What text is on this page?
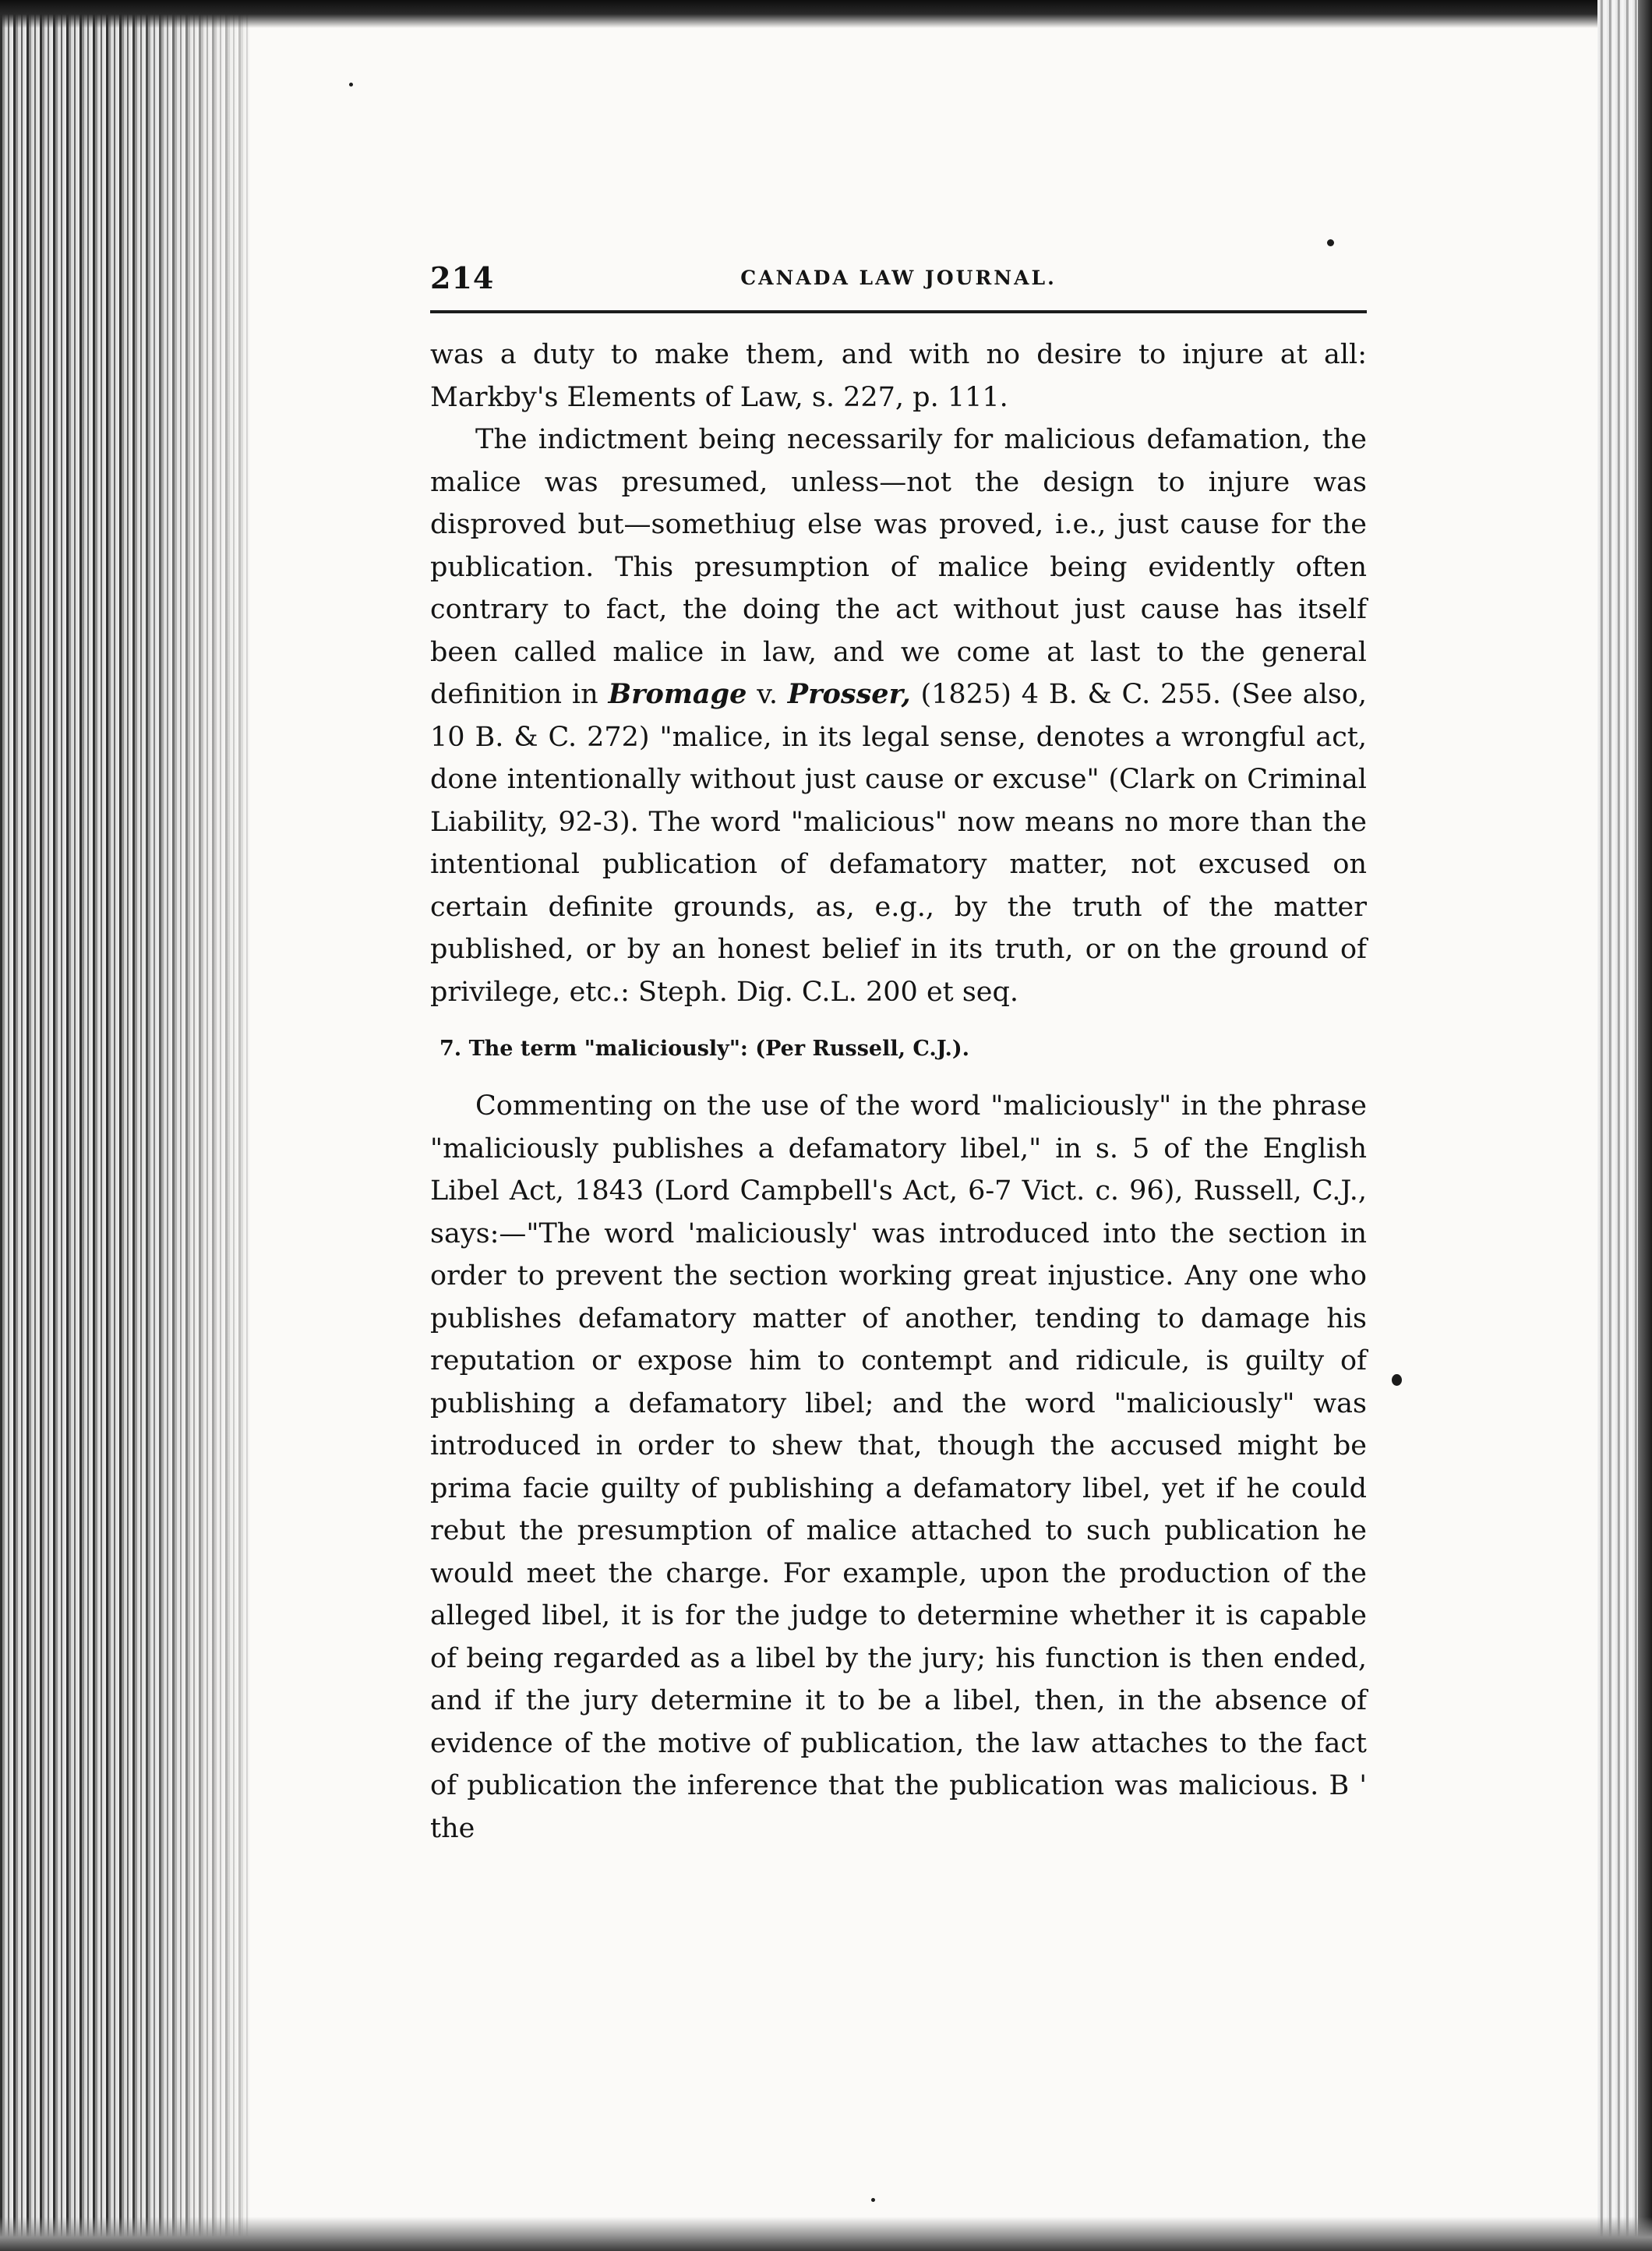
214	CANADA LAW JOURNAL.

was a duty to make them, and with no desire to injure at all: Markby's Elements of Law, s. 227, p. 111.

The indictment being necessarily for malicious defamation, the malice was presumed, unless—not the design to injure was disproved but—somethiug else was proved, i.e., just cause for the publication. This presumption of malice being evidently often contrary to fact, the doing the act without just cause has itself been called malice in law, and we come at last to the general definition in Bromage v. Prosser, (1825) 4 B. & C. 255. (See also, 10 B. & C. 272) "malice, in its legal sense, denotes a wrongful act, done intentionally without just cause or excuse" (Clark on Criminal Liability, 92-3). The word "malicious" now means no more than the intentional publication of defamatory matter, not excused on certain definite grounds, as, e.g., by the truth of the matter published, or by an honest belief in its truth, or on the ground of privilege, etc.: Steph. Dig. C.L. 200 et seq.

7. The term "maliciously": (Per Russell, C.J.).

Commenting on the use of the word "maliciously" in the phrase "maliciously publishes a defamatory libel," in s. 5 of the English Libel Act, 1843 (Lord Campbell's Act, 6-7 Vict. c. 96), Russell, C.J., says:—"The word 'maliciously' was introduced into the section in order to prevent the section working great injustice. Any one who publishes defamatory matter of another, tending to damage his reputation or expose him to contempt and ridicule, is guilty of publishing a defamatory libel; and the word "maliciously" was introduced in order to shew that, though the accused might be prima facie guilty of publishing a defamatory libel, yet if he could rebut the presumption of malice attached to such publication he would meet the charge. For example, upon the production of the alleged libel, it is for the judge to determine whether it is capable of being regarded as a libel by the jury; his function is then ended, and if the jury determine it to be a libel, then, in the absence of evidence of the motive of publication, the law attaches to the fact of publication the inference that the publication was malicious. B ' the
